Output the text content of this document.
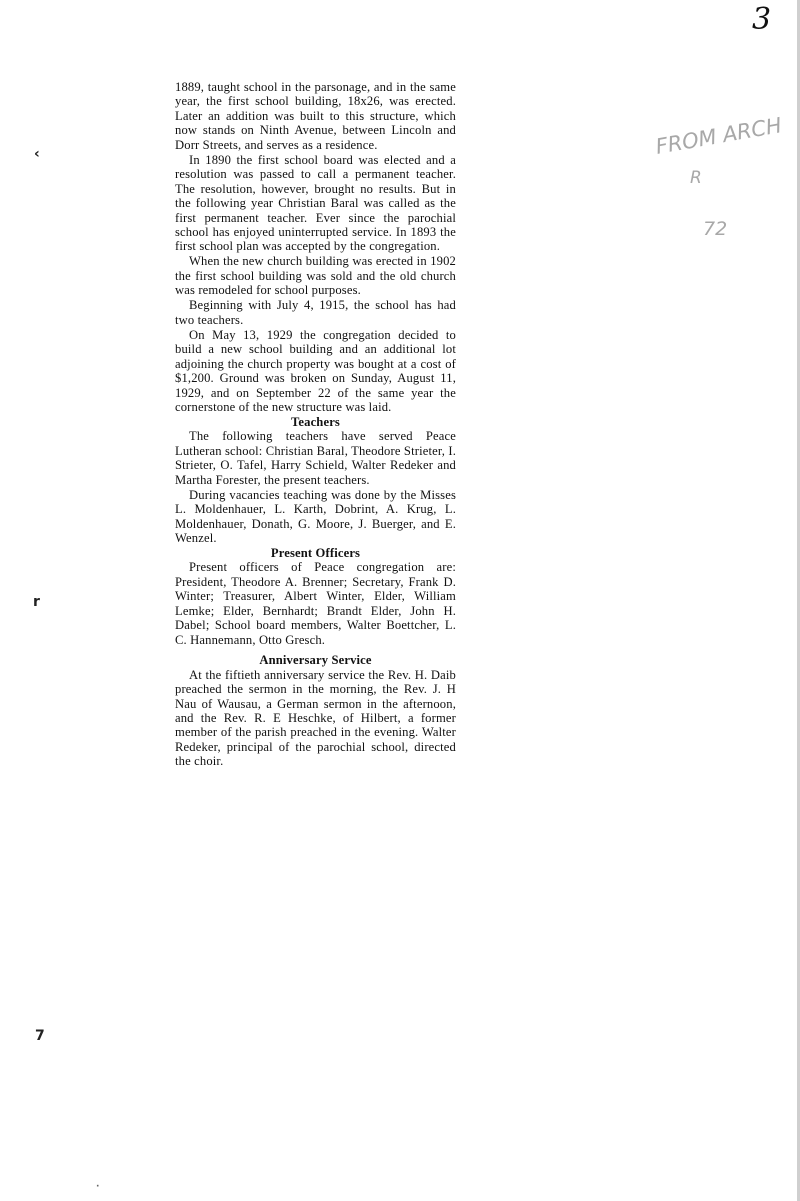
3
FROM ARCH
R
72
‹
r
7
·

1889, taught school in the parsonage, and in the same year, the first school building, 18x26, was erected. Later an addition was built to this structure, which now stands on Ninth Avenue, between Lincoln and Dorr Streets, and serves as a residence.

In 1890 the first school board was elected and a resolution was passed to call a permanent teacher. The resolution, however, brought no results. But in the following year Christian Baral was called as the first permanent teacher. Ever since the parochial school has enjoyed uninterrupted service. In 1893 the first school plan was accepted by the congregation.

When the new church building was erected in 1902 the first school building was sold and the old church was remodeled for school purposes.

Beginning with July 4, 1915, the school has had two teachers.

On May 13, 1929 the congregation decided to build a new school building and an additional lot adjoining the church property was bought at a cost of $1,200. Ground was broken on Sunday, August 11, 1929, and on September 22 of the same year the cornerstone of the new structure was laid.

Teachers

The following teachers have served Peace Lutheran school: Christian Baral, Theodore Strieter, I. Strieter, O. Tafel, Harry Schield, Walter Redeker and Martha Forester, the present teachers.

During vacancies teaching was done by the Misses L. Moldenhauer, L. Karth, Dobrint, A. Krug, L. Moldenhauer, Donath, G. Moore, J. Buerger, and E. Wenzel.

Present Officers

Present officers of Peace congregation are: President, Theodore A. Brenner; Secretary, Frank D. Winter; Treasurer, Albert Winter, Elder, William Lemke; Elder, Bernhardt; Brandt Elder, John H. Dabel; School board members, Walter Boettcher, L. C. Hannemann, Otto Gresch.

Anniversary Service

At the fiftieth anniversary service the Rev. H. Daib preached the sermon in the morning, the Rev. J. H Nau of Wausau, a German sermon in the afternoon, and the Rev. R. E Heschke, of Hilbert, a former member of the parish preached in the evening. Walter Redeker, principal of the parochial school, directed the choir.
